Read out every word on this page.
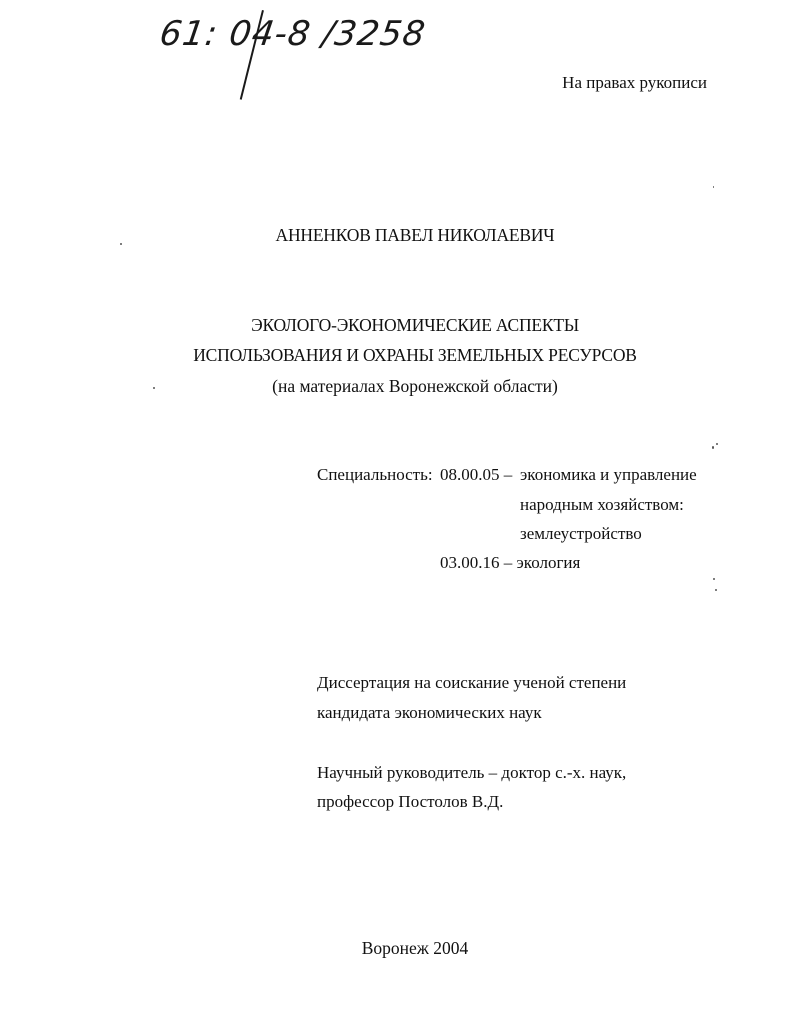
61: 04-8 /3258
На правах рукописи
АННЕНКОВ ПАВЕЛ НИКОЛАЕВИЧ
ЭКОЛОГО-ЭКОНОМИЧЕСКИЕ АСПЕКТЫ
ИСПОЛЬЗОВАНИЯ И ОХРАНЫ ЗЕМЕЛЬНЫХ РЕСУРСОВ
(на материалах Воронежской области)
Специальность: 08.00.05 – экономика и управление
народным хозяйством:
землеустройство
03.00.16 – экология
Диссертация на соискание ученой степени
кандидата экономических наук
Научный руководитель – доктор с.-х. наук,
профессор Постолов В.Д.
Воронеж 2004
